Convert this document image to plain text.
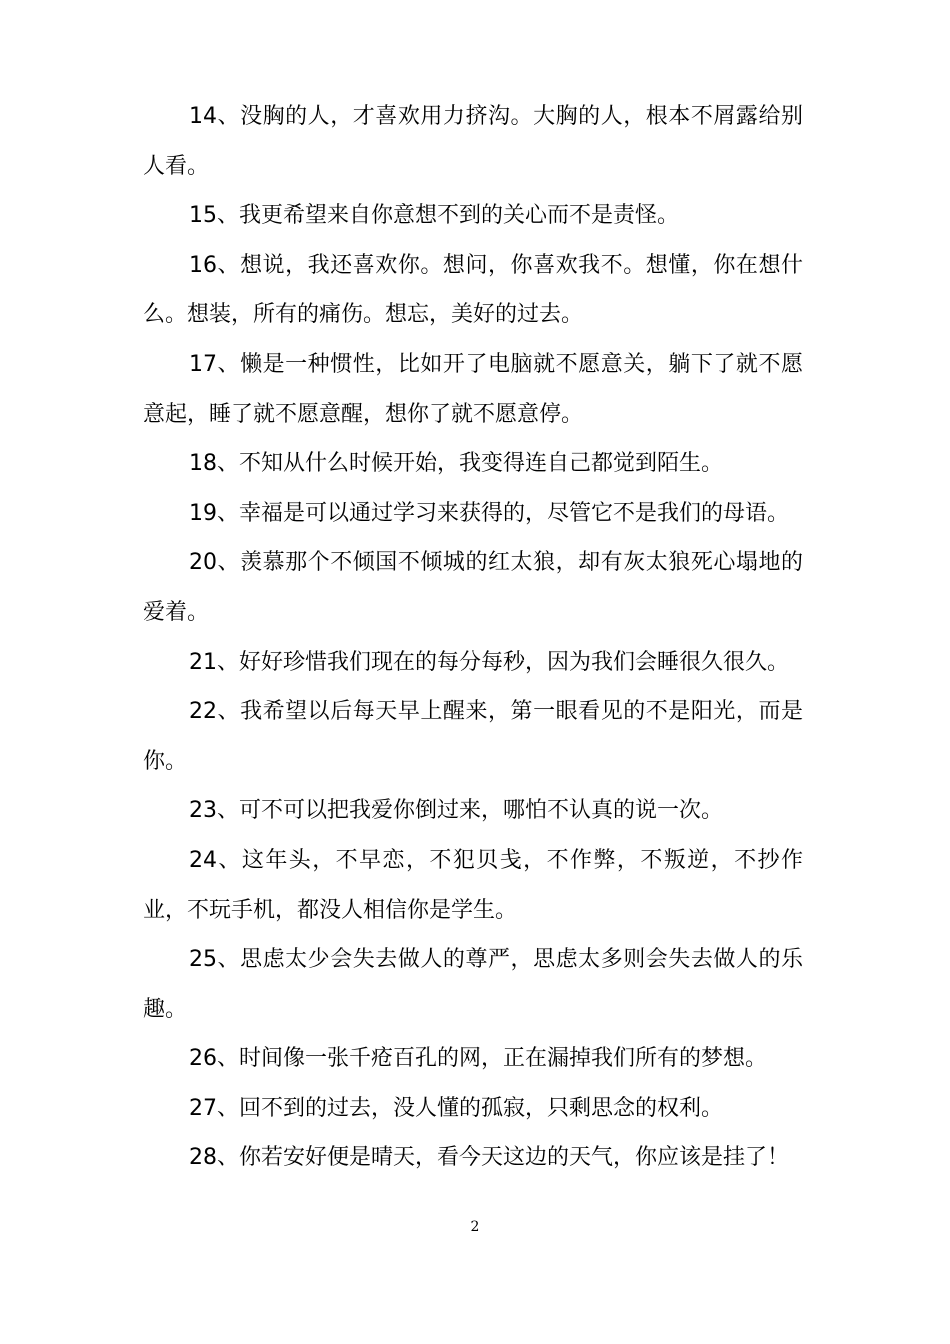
14、没胸的人，才喜欢用力挤沟。大胸的人，根本不屑露给别人看。

15、我更希望来自你意想不到的关心而不是责怪。

16、想说，我还喜欢你。想问，你喜欢我不。想懂，你在想什么。想装，所有的痛伤。想忘，美好的过去。

17、懒是一种惯性，比如开了电脑就不愿意关，躺下了就不愿意起，睡了就不愿意醒，想你了就不愿意停。

18、不知从什么时候开始，我变得连自己都觉到陌生。

19、幸福是可以通过学习来获得的，尽管它不是我们的母语。

20、羡慕那个不倾国不倾城的红太狼，却有灰太狼死心塌地的爱着。

21、好好珍惜我们现在的每分每秒，因为我们会睡很久很久。

22、我希望以后每天早上醒来，第一眼看见的不是阳光，而是你。

23、可不可以把我爱你倒过来，哪怕不认真的说一次。

24、这年头，不早恋，不犯贝戋，不作弊，不叛逆，不抄作业，不玩手机，都没人相信你是学生。

25、思虑太少会失去做人的尊严，思虑太多则会失去做人的乐趣。

26、时间像一张千疮百孔的网，正在漏掉我们所有的梦想。

27、回不到的过去，没人懂的孤寂，只剩思念的权利。

28、你若安好便是晴天，看今天这边的天气，你应该是挂了！

2
